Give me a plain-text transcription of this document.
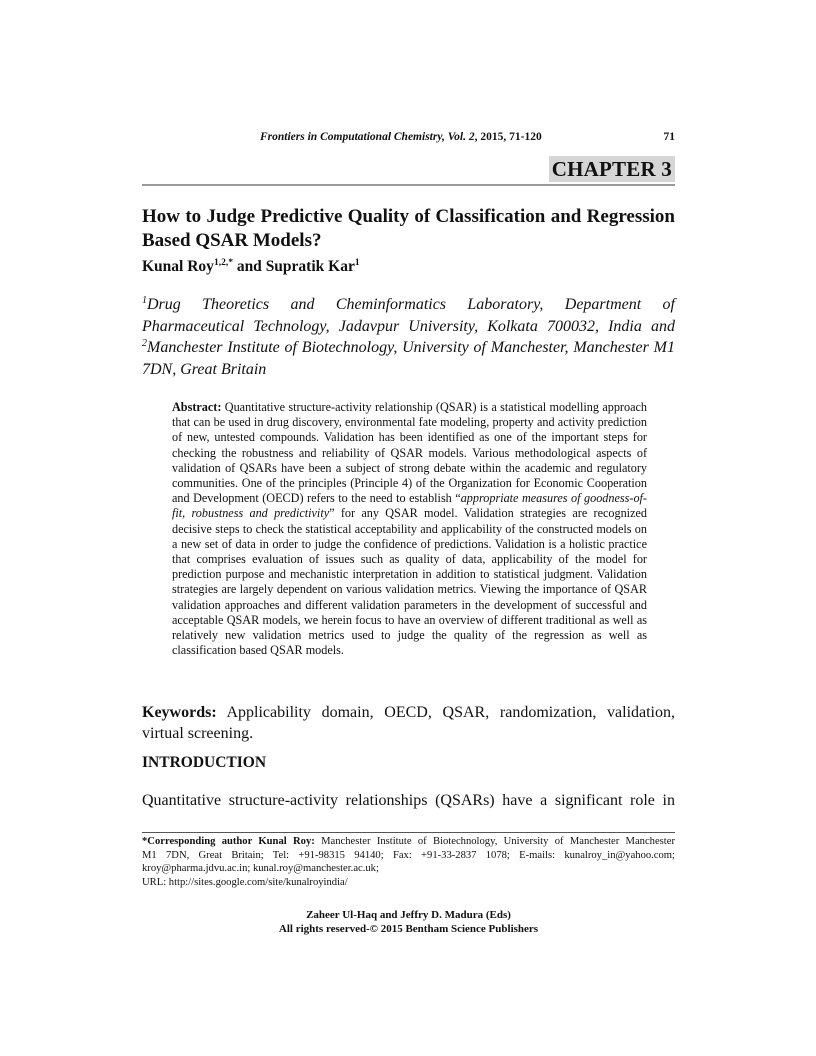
Frontiers in Computational Chemistry, Vol. 2, 2015, 71-120	71
CHAPTER 3
How to Judge Predictive Quality of Classification and Regression Based QSAR Models?
Kunal Roy$^{1,2,*}$ and Supratik Kar$^1$
$^1$Drug Theoretics and Cheminformatics Laboratory, Department of Pharmaceutical Technology, Jadavpur University, Kolkata 700032, India and $^2$Manchester Institute of Biotechnology, University of Manchester, Manchester M1 7DN, Great Britain
Abstract: Quantitative structure-activity relationship (QSAR) is a statistical modelling approach that can be used in drug discovery, environmental fate modeling, property and activity prediction of new, untested compounds. Validation has been identified as one of the important steps for checking the robustness and reliability of QSAR models. Various methodological aspects of validation of QSARs have been a subject of strong debate within the academic and regulatory communities. One of the principles (Principle 4) of the Organization for Economic Cooperation and Development (OECD) refers to the need to establish “appropriate measures of goodness-of-fit, robustness and predictivity” for any QSAR model. Validation strategies are recognized decisive steps to check the statistical acceptability and applicability of the constructed models on a new set of data in order to judge the confidence of predictions. Validation is a holistic practice that comprises evaluation of issues such as quality of data, applicability of the model for prediction purpose and mechanistic interpretation in addition to statistical judgment. Validation strategies are largely dependent on various validation metrics. Viewing the importance of QSAR validation approaches and different validation parameters in the development of successful and acceptable QSAR models, we herein focus to have an overview of different traditional as well as relatively new validation metrics used to judge the quality of the regression as well as classification based QSAR models.
Keywords: Applicability domain, OECD, QSAR, randomization, validation, virtual screening.
INTRODUCTION
Quantitative structure-activity relationships (QSARs) have a significant role in
*Corresponding author Kunal Roy: Manchester Institute of Biotechnology, University of Manchester Manchester
M1 7DN, Great Britain; Tel: +91-98315 94140; Fax: +91-33-2837 1078; E-mails: kunalroy_in@yahoo.com;
kroy@pharma.jdvu.ac.in; kunal.roy@manchester.ac.uk;
URL: http://sites.google.com/site/kunalroyindia/
Zaheer Ul-Haq and Jeffry D. Madura (Eds)
All rights reserved-© 2015 Bentham Science Publishers
